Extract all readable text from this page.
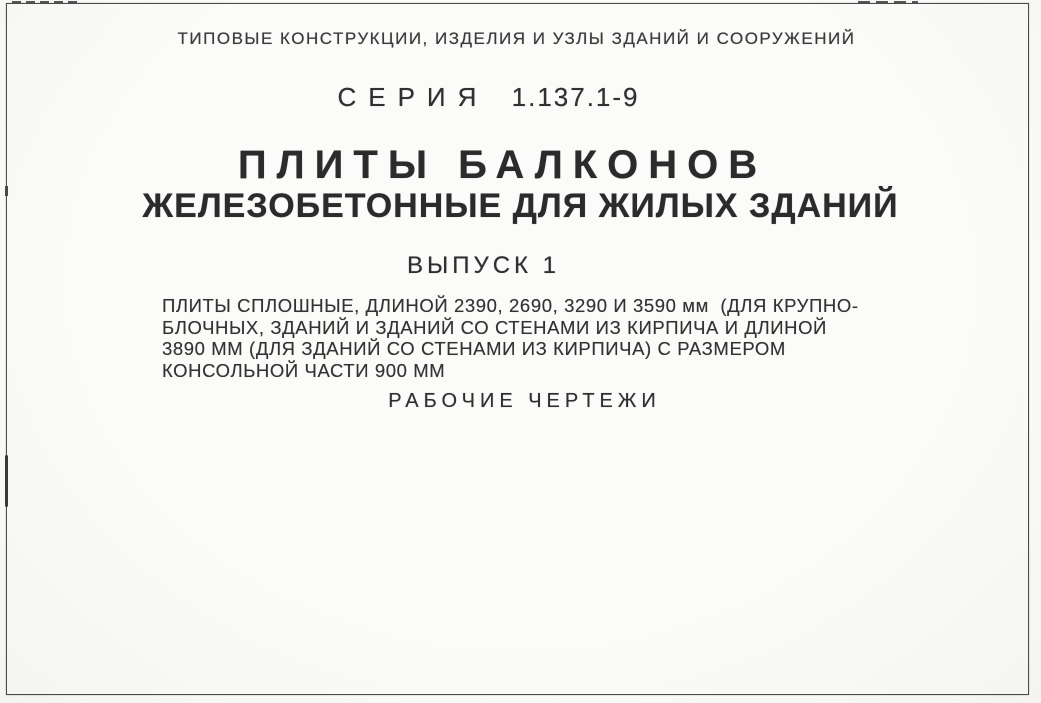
ТИПОВЫЕ КОНСТРУКЦИИ, ИЗДЕЛИЯ И УЗЛЫ ЗДАНИЙ И СООРУЖЕНИЙ
СЕРИЯ 1.137.1-9
ПЛИТЫ БАЛКОНОВ
ЖЕЛЕЗОБЕТОННЫЕ ДЛЯ ЖИЛЫХ ЗДАНИЙ
ВЫПУСК 1
ПЛИТЫ СПЛОШНЫЕ, ДЛИНОЙ 2390, 2690, 3290 И 3590 мм  (ДЛЯ КРУПНО-
БЛОЧНЫХ, ЗДАНИЙ И ЗДАНИЙ СО СТЕНАМИ ИЗ КИРПИЧА И ДЛИНОЙ
3890 ММ (ДЛЯ ЗДАНИЙ СО СТЕНАМИ ИЗ КИРПИЧА) С РАЗМЕРОМ
КОНСОЛЬНОЙ ЧАСТИ 900 ММ
РАБОЧИЕ ЧЕРТЕЖИ
